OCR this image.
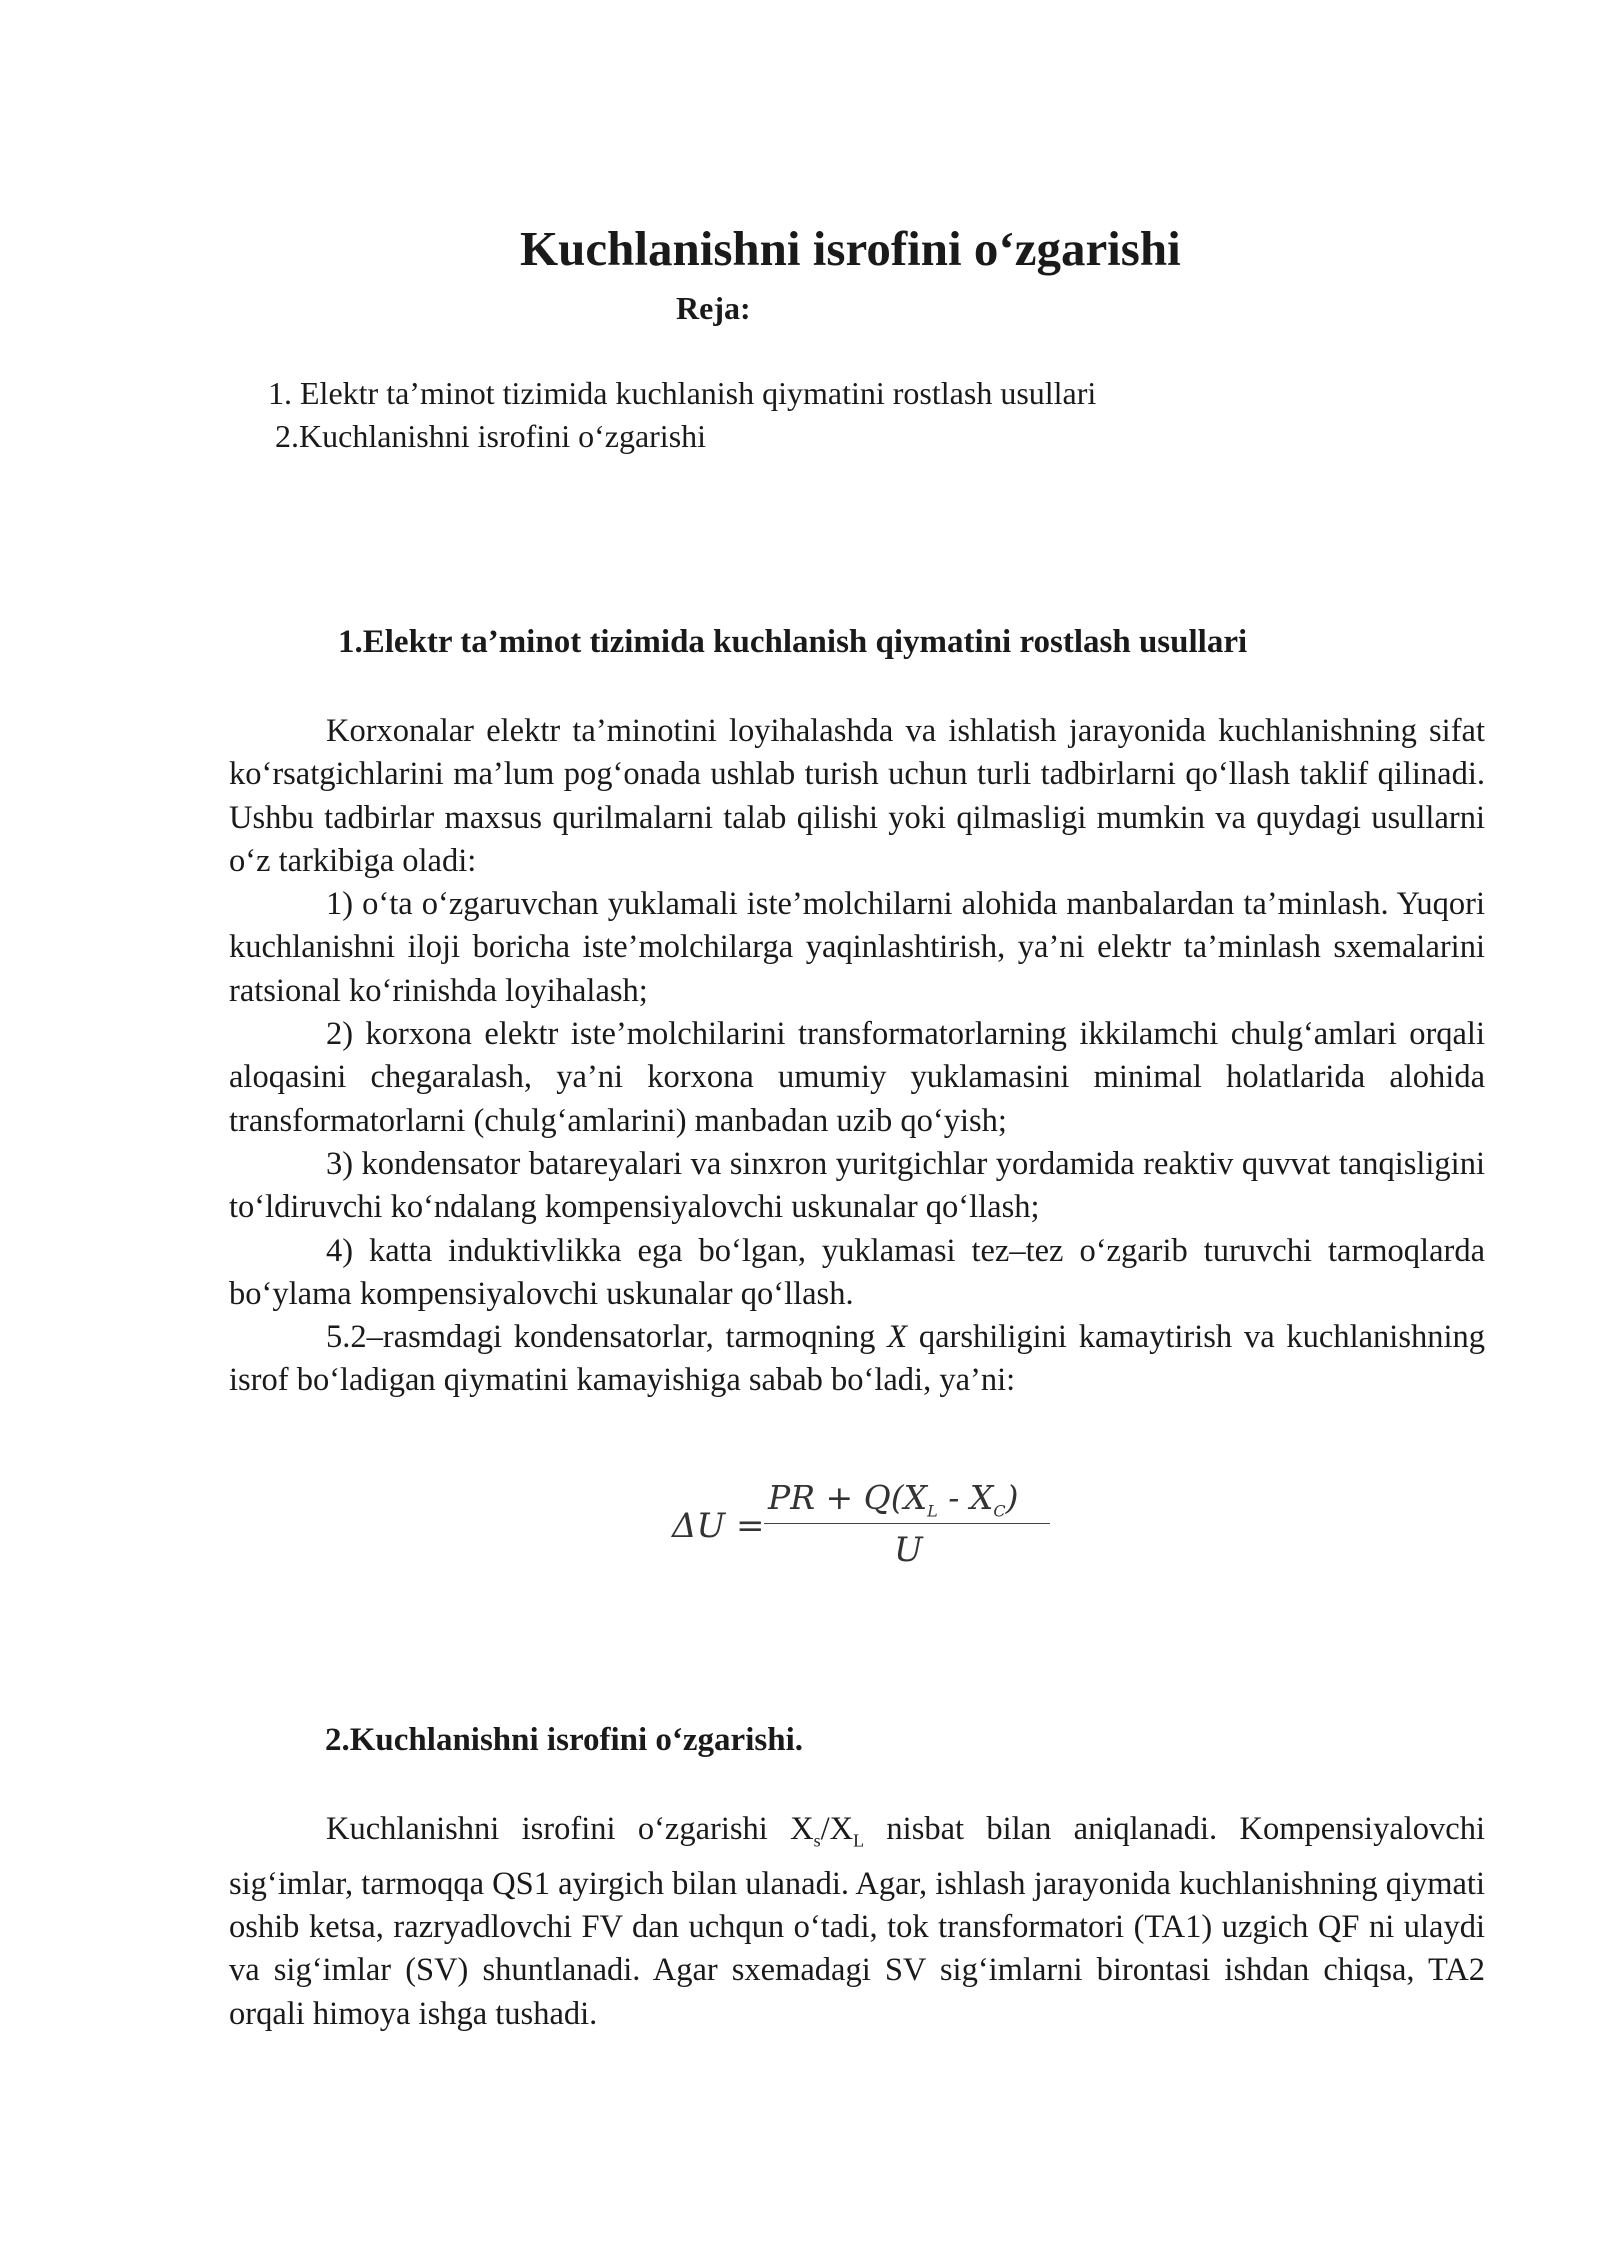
Kuchlanishni isrofini o‘zgarishi
Reja:
1. Elektr ta’minot tizimida kuchlanish qiymatini rostlash usullari
2.Kuchlanishni isrofini o‘zgarishi
1.Elektr ta’minot tizimida kuchlanish qiymatini rostlash usullari

Korxonalar elektr ta’minotini loyihalashda va ishlatish jarayonida kuchlanishning sifat ko‘rsatgichlarini ma’lum pog‘onada ushlab turish uchun turli tadbirlarni qo‘llash taklif qilinadi. Ushbu tadbirlar maxsus qurilmalarni talab qilishi yoki qilmasligi mumkin va quydagi usullarni o‘z tarkibiga oladi:

1) o‘ta o‘zgaruvchan yuklamali iste’molchilarni alohida manbalardan ta’minlash. Yuqori kuchlanishni iloji boricha iste’molchilarga yaqinlashtirish, ya’ni elektr ta’minlash sxemalarini ratsional ko‘rinishda loyihalash;

2) korxona elektr iste’molchilarini transformatorlarning ikkilamchi chulg‘amlari orqali aloqasini chegaralash, ya’ni korxona umumiy yuklamasini minimal holatlarida alohida transformatorlarni (chulg‘amlarini) manbadan uzib qo‘yish;

3) kondensator batareyalari va sinxron yuritgichlar yordamida reaktiv quvvat tanqisligini to‘ldiruvchi ko‘ndalang kompensiyalovchi uskunalar qo‘llash;

4) katta induktivlikka ega bo‘lgan, yuklamasi tez–tez o‘zgarib turuvchi tarmoqlarda bo‘ylama kompensiyalovchi uskunalar qo‘llash.

5.2–rasmdagi kondensatorlar, tarmoqning X qarshiligini kamaytirish va kuchlanishning isrof bo‘ladigan qiymatini kamayishiga sabab bo‘ladi, ya’ni:

ΔU =
PR + $Q(X_L - X_C)$
U
2.Kuchlanishni isrofini o‘zgarishi.

Kuchlanishni isrofini o‘zgarishi $X_s/X_L$ nisbat bilan aniqlanadi. Kompensiyalovchi sig‘imlar, tarmoqqa QS1 ayirgich bilan ulanadi. Agar, ishlash jarayonida kuchlanishning qiymati oshib ketsa, razryadlovchi FV dan uchqun o‘tadi, tok transformatori (TA1) uzgich QF ni ulaydi va sig‘imlar (SV) shuntlanadi. Agar sxemadagi SV sig‘imlarni birontasi ishdan chiqsa, TA2 orqali himoya ishga tushadi.
